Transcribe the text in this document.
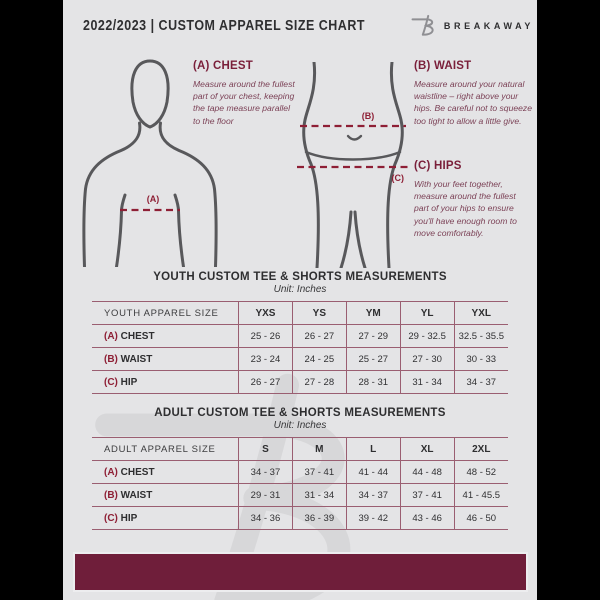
2022/2023 | CUSTOM APPAREL SIZE CHART	BREAKAWAY
(A)
(B)
(C)

(A) CHEST

Measure around the fullest part of your chest, keeping the tape measure parallel to the floor

(B) WAIST

Measure around your natural waistline – right above your hips. Be careful not to squeeze too tight to allow a little give.

(C) HIPS

With your feet together, measure around the fullest part of your hips to ensure you'll have enough room to move comfortably.

YOUTH CUSTOM TEE & SHORTS MEASUREMENTS

Unit: Inches

YOUTH APPAREL SIZE	YXS	YS	YM	YL	YXL
(A) CHEST	25 - 26	26 - 27	27 - 29	29 - 32.5	32.5 - 35.5
(B) WAIST	23 - 24	24 - 25	25 - 27	27 - 30	30 - 33
(C) HIP	26 - 27	27 - 28	28 - 31	31 - 34	34 - 37

ADULT CUSTOM TEE & SHORTS MEASUREMENTS

Unit: Inches

ADULT APPAREL SIZE	S	M	L	XL	2XL
(A) CHEST	34 - 37	37 - 41	41 - 44	44 - 48	48 - 52
(B) WAIST	29 - 31	31 - 34	34 - 37	37 - 41	41 - 45.5
(C) HIP	34 - 36	36 - 39	39 - 42	43 - 46	46 - 50
